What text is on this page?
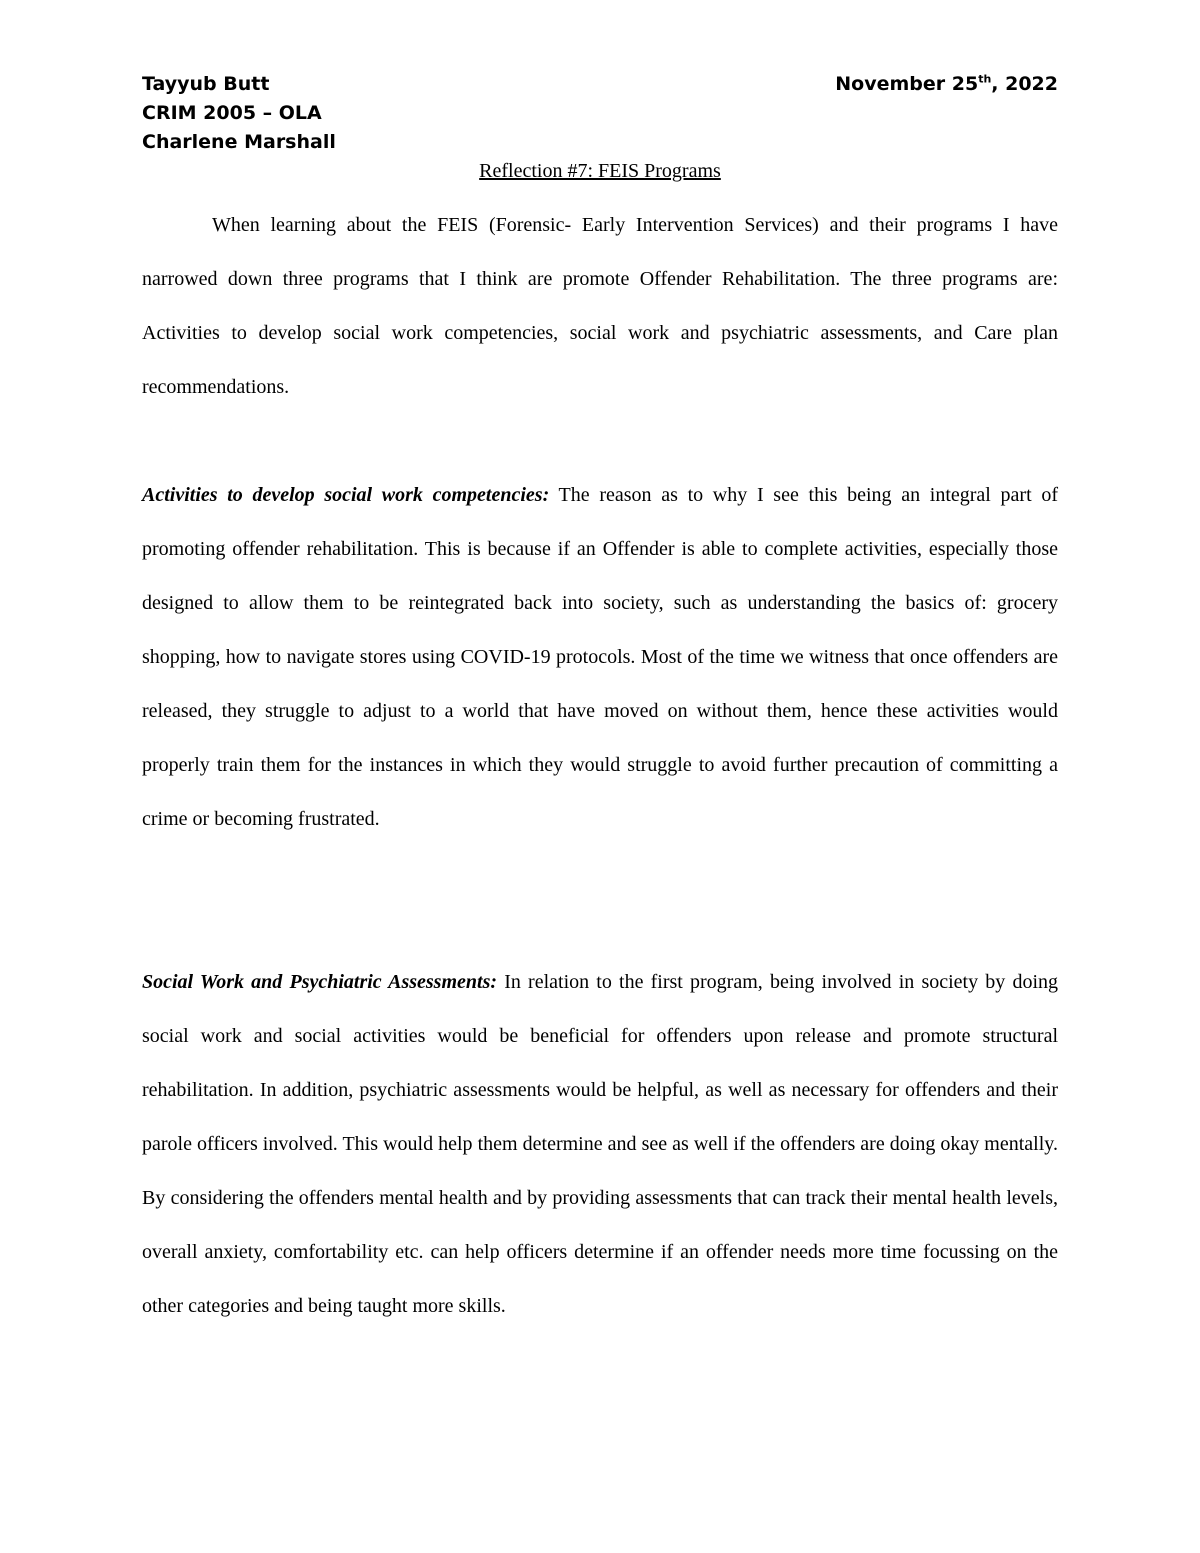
Tayyub Butt
CRIM 2005 – OLA
Charlene Marshall
November 25th, 2022
Reflection #7: FEIS Programs

When learning about the FEIS (Forensic- Early Intervention Services) and their programs I have narrowed down three programs that I think are promote Offender Rehabilitation. The three programs are: Activities to develop social work competencies, social work and psychiatric assessments, and Care plan recommendations.

Activities to develop social work competencies: The reason as to why I see this being an integral part of promoting offender rehabilitation. This is because if an Offender is able to complete activities, especially those designed to allow them to be reintegrated back into society, such as understanding the basics of: grocery shopping, how to navigate stores using COVID-19 protocols. Most of the time we witness that once offenders are released, they struggle to adjust to a world that have moved on without them, hence these activities would properly train them for the instances in which they would struggle to avoid further precaution of committing a crime or becoming frustrated.

Social Work and Psychiatric Assessments: In relation to the first program, being involved in society by doing social work and social activities would be beneficial for offenders upon release and promote structural rehabilitation. In addition, psychiatric assessments would be helpful, as well as necessary for offenders and their parole officers involved. This would help them determine and see as well if the offenders are doing okay mentally. By considering the offenders mental health and by providing assessments that can track their mental health levels, overall anxiety, comfortability etc. can help officers determine if an offender needs more time focussing on the other categories and being taught more skills.
